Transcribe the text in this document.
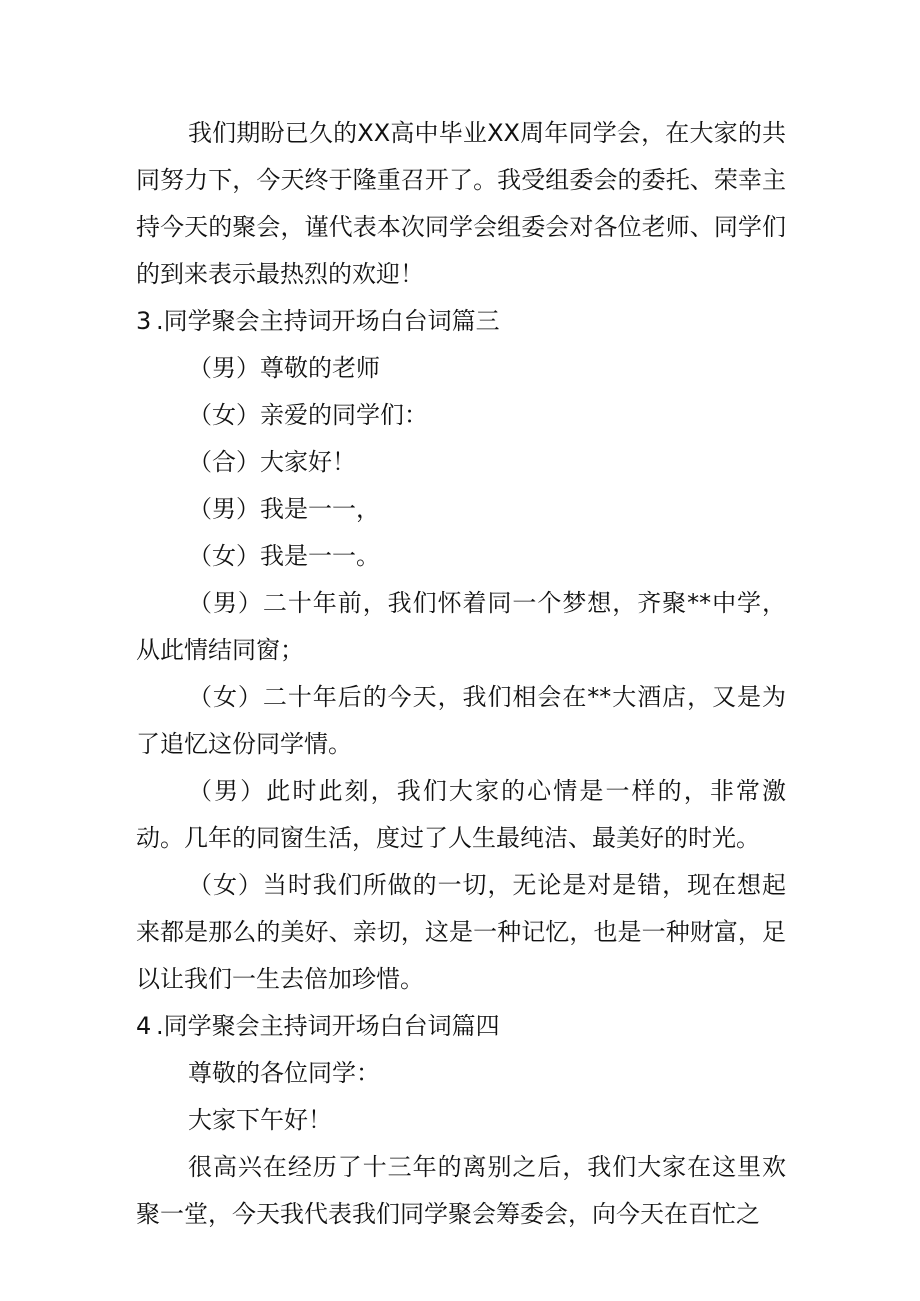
我们期盼已久的XX高中毕业XX周年同学会，在大家的共同努力下，今天终于隆重召开了。我受组委会的委托、荣幸主持今天的聚会，谨代表本次同学会组委会对各位老师、同学们的到来表示最热烈的欢迎！

3 .同学聚会主持词开场白台词篇三

（男）尊敬的老师

（女）亲爱的同学们：

（合）大家好！

（男）我是一一，

（女）我是一一。

（男）二十年前，我们怀着同一个梦想，齐聚**中学，从此情结同窗；

（女）二十年后的今天，我们相会在**大酒店，又是为了追忆这份同学情。

（男）此时此刻，我们大家的心情是一样的，非常激动。几年的同窗生活，度过了人生最纯洁、最美好的时光。

（女）当时我们所做的一切，无论是对是错，现在想起来都是那么的美好、亲切，这是一种记忆，也是一种财富，足以让我们一生去倍加珍惜。

4 .同学聚会主持词开场白台词篇四

尊敬的各位同学：

大家下午好！

很高兴在经历了十三年的离别之后，我们大家在这里欢聚一堂，今天我代表我们同学聚会筹委会，向今天在百忙之
